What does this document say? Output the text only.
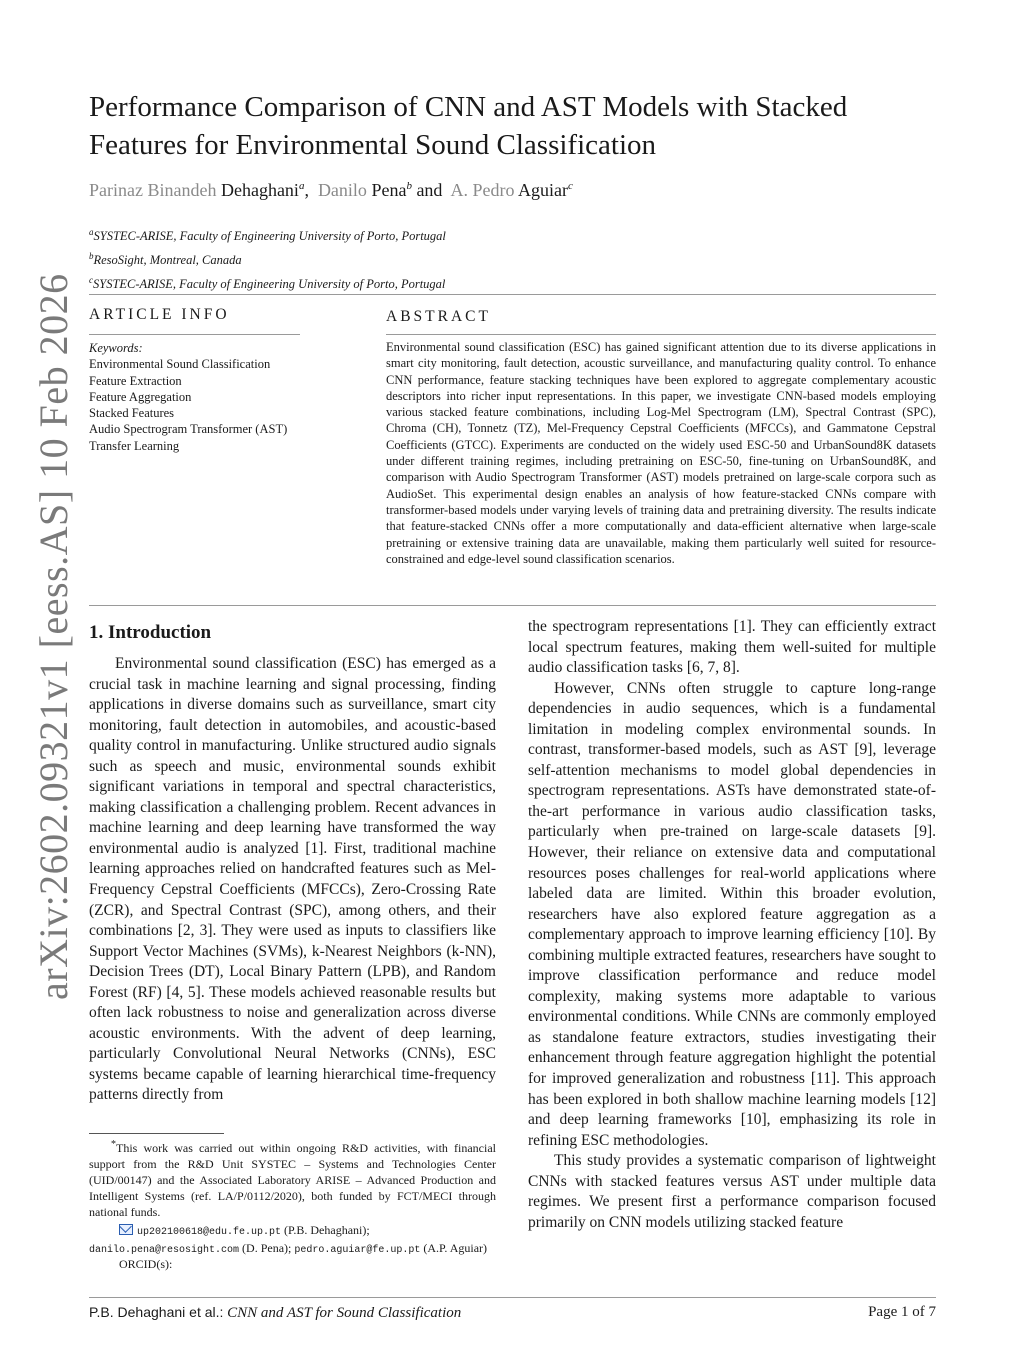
arXiv:2602.09321v1 [eess.AS] 10 Feb 2026
Performance Comparison of CNN and AST Models with Stacked Features for Environmental Sound Classification
Parinaz Binandeh Dehaghani$^a$,  Danilo Pena$^b$ and A. Pedro Aguiar$^c$
$^a$SYSTEC-ARISE, Faculty of Engineering University of Porto, Portugal
$^b$ResoSight, Montreal, Canada
$^c$SYSTEC-ARISE, Faculty of Engineering University of Porto, Portugal
ARTICLE INFO
Keywords:
Environmental Sound Classification
Feature Extraction
Feature Aggregation
Stacked Features
Audio Spectrogram Transformer (AST)
Transfer Learning
ABSTRACT

Environmental sound classification (ESC) has gained significant attention due to its diverse applications in smart city monitoring, fault detection, acoustic surveillance, and manufacturing quality control. To enhance CNN performance, feature stacking techniques have been explored to aggregate complementary acoustic descriptors into richer input representations. In this paper, we investigate CNN-based models employing various stacked feature combinations, including Log-Mel Spectrogram (LM), Spectral Contrast (SPC), Chroma (CH), Tonnetz (TZ), Mel-Frequency Cepstral Coefficients (MFCCs), and Gammatone Cepstral Coefficients (GTCC). Experiments are conducted on the widely used ESC-50 and UrbanSound8K datasets under different training regimes, including pretraining on ESC-50, fine-tuning on UrbanSound8K, and comparison with Audio Spectrogram Transformer (AST) models pretrained on large-scale corpora such as AudioSet. This experimental design enables an analysis of how feature-stacked CNNs compare with transformer-based models under varying levels of training data and pretraining diversity. The results indicate that feature-stacked CNNs offer a more computationally and data-efficient alternative when large-scale pretraining or extensive training data are unavailable, making them particularly well suited for resource-constrained and edge-level sound classification scenarios.

1. Introduction

Environmental sound classification (ESC) has emerged as a crucial task in machine learning and signal processing, finding applications in diverse domains such as surveillance, smart city monitoring, fault detection in automobiles, and acoustic-based quality control in manufacturing. Unlike structured audio signals such as speech and music, environmental sounds exhibit significant variations in temporal and spectral characteristics, making classification a challenging problem. Recent advances in machine learning and deep learning have transformed the way environmental audio is analyzed [1]. First, traditional machine learning approaches relied on handcrafted features such as Mel-Frequency Cepstral Coefficients (MFCCs), Zero-Crossing Rate (ZCR), and Spectral Contrast (SPC), among others, and their combinations [2, 3]. They were used as inputs to classifiers like Support Vector Machines (SVMs), k-Nearest Neighbors (k-NN), Decision Trees (DT), Local Binary Pattern (LPB), and Random Forest (RF) [4, 5]. These models achieved reasonable results but often lack robustness to noise and generalization across diverse acoustic environments. With the advent of deep learning, particularly Convolutional Neural Networks (CNNs), ESC systems became capable of learning hierarchical time-frequency patterns directly from

the spectrogram representations [1]. They can efficiently extract local spectrum features, making them well-suited for multiple audio classification tasks [6, 7, 8].

However, CNNs often struggle to capture long-range dependencies in audio sequences, which is a fundamental limitation in modeling complex environmental sounds. In contrast, transformer-based models, such as AST [9], leverage self-attention mechanisms to model global dependencies in spectrogram representations. ASTs have demonstrated state-of-the-art performance in various audio classification tasks, particularly when pre-trained on large-scale datasets [9]. However, their reliance on extensive data and computational resources poses challenges for real-world applications where labeled data are limited. Within this broader evolution, researchers have also explored feature aggregation as a complementary approach to improve learning efficiency [10]. By combining multiple extracted features, researchers have sought to improve classification performance and reduce model complexity, making systems more adaptable to various environmental conditions. While CNNs are commonly employed as standalone feature extractors, studies investigating their enhancement through feature aggregation highlight the potential for improved generalization and robustness [11]. This approach has been explored in both shallow machine learning models [12] and deep learning frameworks [10], emphasizing its role in refining ESC methodologies.

This study provides a systematic comparison of lightweight CNNs with stacked features versus AST under multiple data regimes. We present first a performance comparison focused primarily on CNN models utilizing stacked feature

*This work was carried out within ongoing R&D activities, with financial support from the R&D Unit SYSTEC – Systems and Technologies Center (UID/00147) and the Associated Laboratory ARISE – Advanced Production and Intelligent Systems (ref. LA/P/0112/2020), both funded by FCT/MECI through national funds.

up202100618@edu.fe.up.pt (P.B. Dehaghani);
danilo.pena@resosight.com (D. Pena); pedro.aguiar@fe.up.pt (A.P. Aguiar)
ORCID(s):
P.B. Dehaghani et al.: CNN and AST for Sound Classification	Page 1 of 7
